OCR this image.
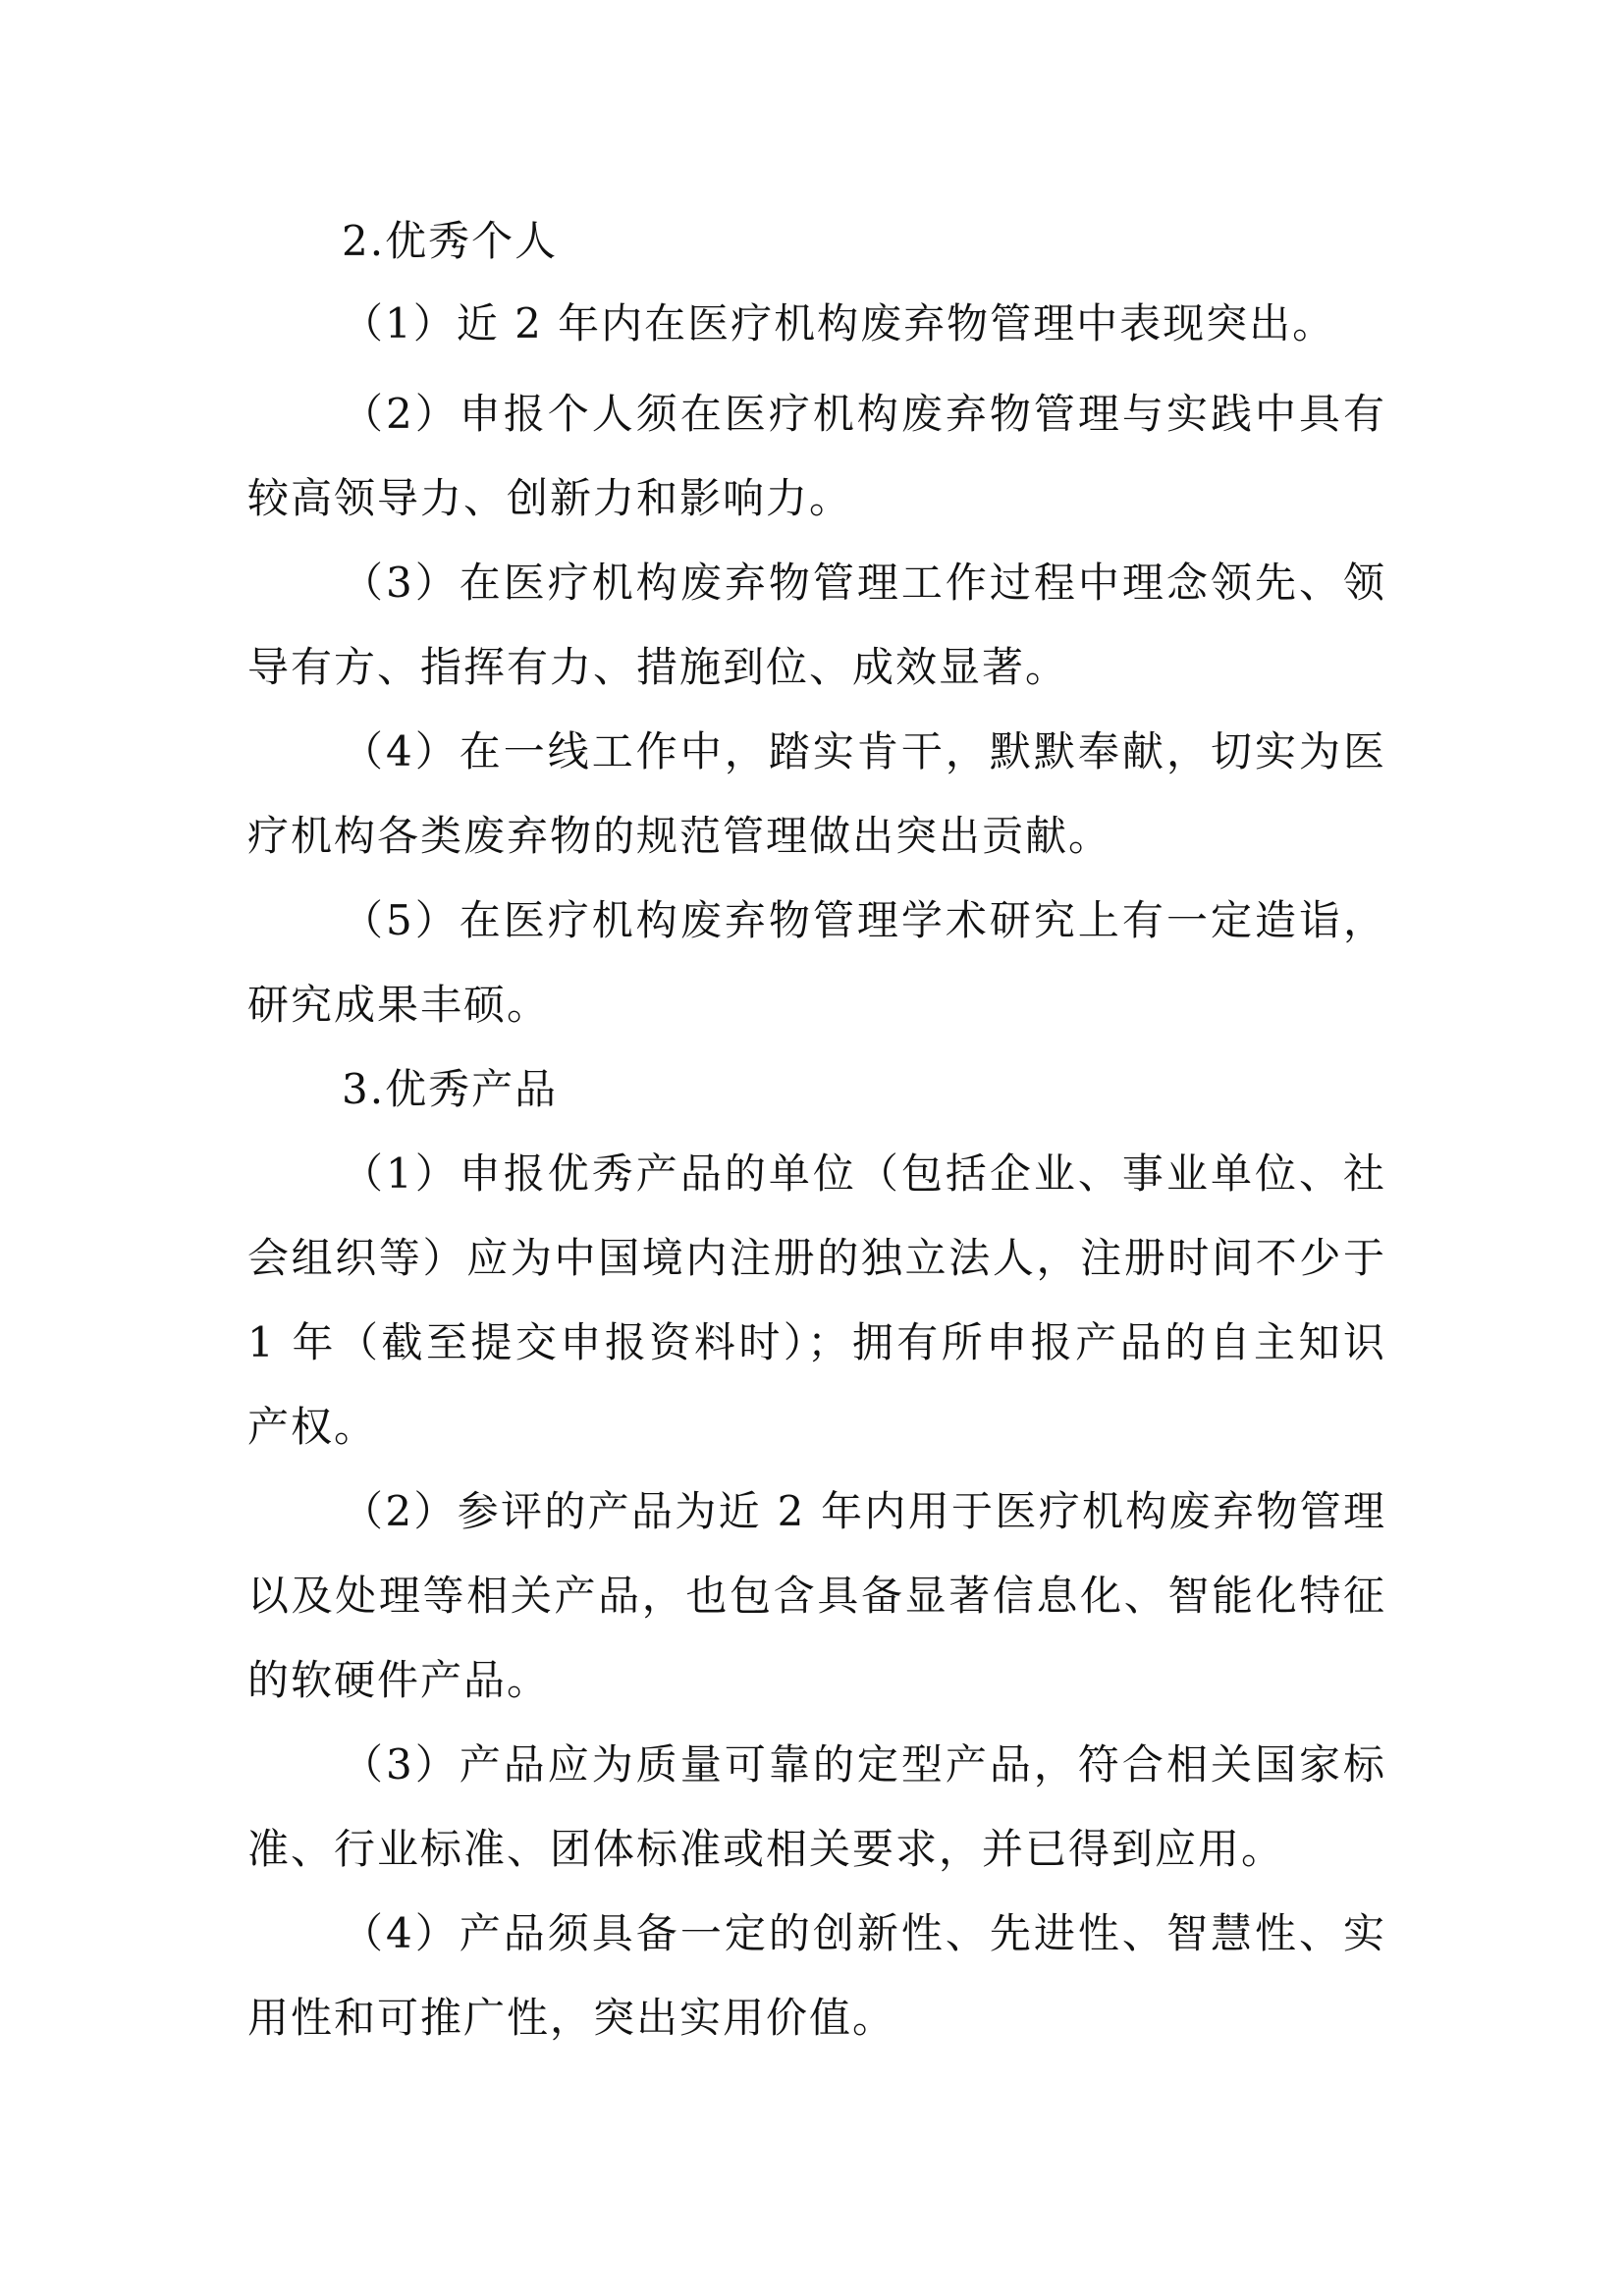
2.优秀个人
（1）近 2 年内在医疗机构废弃物管理中表现突出。
（2）申报个人须在医疗机构废弃物管理与实践中具有
较高领导力、创新力和影响力。
（3）在医疗机构废弃物管理工作过程中理念领先、领
导有方、指挥有力、措施到位、成效显著。
（4）在一线工作中，踏实肯干，默默奉献，切实为医
疗机构各类废弃物的规范管理做出突出贡献。
（5）在医疗机构废弃物管理学术研究上有一定造诣，
研究成果丰硕。
3.优秀产品
（1）申报优秀产品的单位（包括企业、事业单位、社
会组织等）应为中国境内注册的独立法人，注册时间不少于
1 年（截至提交申报资料时）；拥有所申报产品的自主知识
产权。
（2）参评的产品为近 2 年内用于医疗机构废弃物管理
以及处理等相关产品，也包含具备显著信息化、智能化特征
的软硬件产品。
（3）产品应为质量可靠的定型产品，符合相关国家标
准、行业标准、团体标准或相关要求，并已得到应用。
（4）产品须具备一定的创新性、先进性、智慧性、实
用性和可推广性，突出实用价值。
